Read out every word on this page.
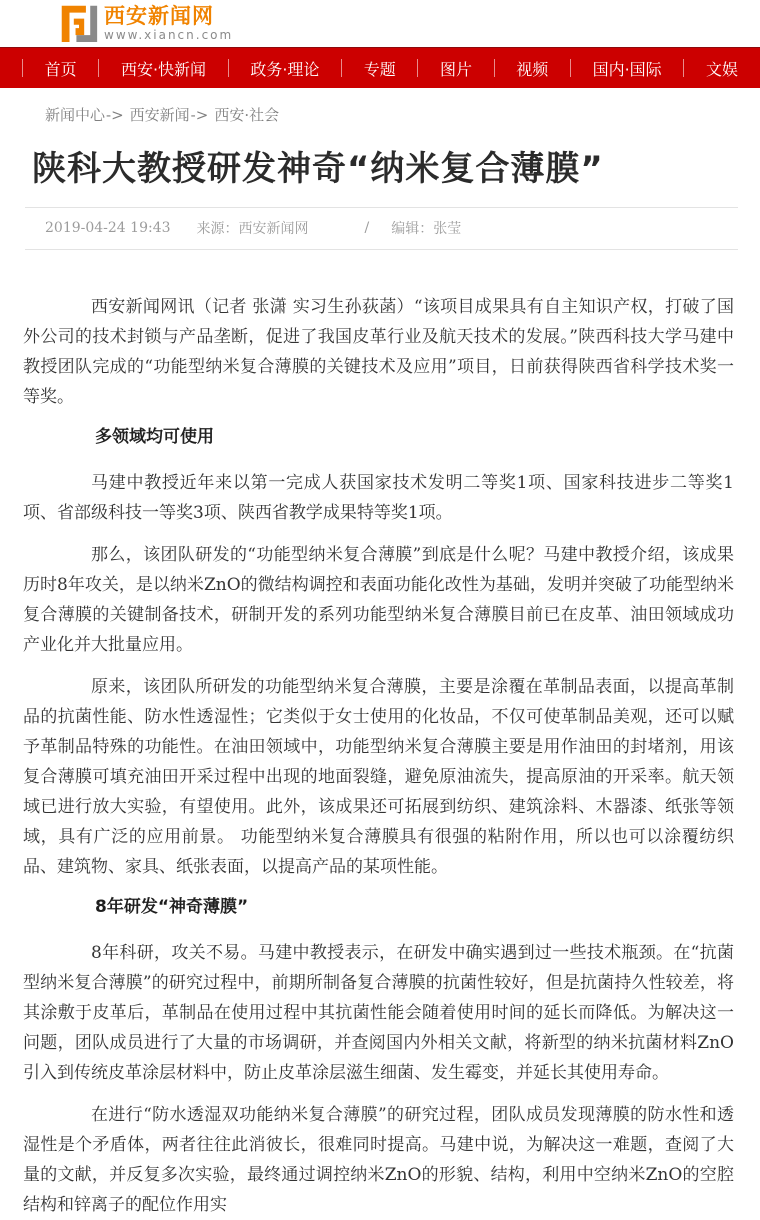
西安新闻网
www.xiancn.com
首页	西安·快新闻	政务·理论	专题	图片	视频	国内·国际	文娱
新闻中心-> 西安新闻-> 西安·社会
陕科大教授研发神奇“纳米复合薄膜”
2019-04-24 19:43 来源：西安新闻网	/ 编辑：张莹

西安新闻网讯（记者 张潇 实习生孙荻菡）“该项目成果具有自主知识产权，打破了国外公司的技术封锁与产品垄断，促进了我国皮革行业及航天技术的发展。”陕西科技大学马建中教授团队完成的“功能型纳米复合薄膜的关键技术及应用”项目，日前获得陕西省科学技术奖一等奖。

多领域均可使用

马建中教授近年来以第一完成人获国家技术发明二等奖1项、国家科技进步二等奖1项、省部级科技一等奖3项、陕西省教学成果特等奖1项。

那么，该团队研发的“功能型纳米复合薄膜”到底是什么呢？马建中教授介绍，该成果历时8年攻关，是以纳米ZnO的微结构调控和表面功能化改性为基础，发明并突破了功能型纳米复合薄膜的关键制备技术，研制开发的系列功能型纳米复合薄膜目前已在皮革、油田领域成功产业化并大批量应用。

原来，该团队所研发的功能型纳米复合薄膜，主要是涂覆在革制品表面，以提高革制品的抗菌性能、防水性透湿性；它类似于女士使用的化妆品，不仅可使革制品美观，还可以赋予革制品特殊的功能性。在油田领域中，功能型纳米复合薄膜主要是用作油田的封堵剂，用该复合薄膜可填充油田开采过程中出现的地面裂缝，避免原油流失，提高原油的开采率。航天领域已进行放大实验，有望使用。此外，该成果还可拓展到纺织、建筑涂料、木器漆、纸张等领域，具有广泛的应用前景。 功能型纳米复合薄膜具有很强的粘附作用，所以也可以涂覆纺织品、建筑物、家具、纸张表面，以提高产品的某项性能。

8年研发“神奇薄膜”

8年科研，攻关不易。马建中教授表示，在研发中确实遇到过一些技术瓶颈。在“抗菌型纳米复合薄膜”的研究过程中，前期所制备复合薄膜的抗菌性较好，但是抗菌持久性较差，将其涂敷于皮革后，革制品在使用过程中其抗菌性能会随着使用时间的延长而降低。为解决这一问题，团队成员进行了大量的市场调研，并查阅国内外相关文献，将新型的纳米抗菌材料ZnO引入到传统皮革涂层材料中，防止皮革涂层滋生细菌、发生霉变，并延长其使用寿命。

在进行“防水透湿双功能纳米复合薄膜”的研究过程，团队成员发现薄膜的防水性和透湿性是个矛盾体，两者往往此消彼长，很难同时提高。马建中说，为解决这一难题，查阅了大量的文献，并反复多次实验，最终通过调控纳米ZnO的形貌、结构，利用中空纳米ZnO的空腔结构和锌离子的配位作用实
